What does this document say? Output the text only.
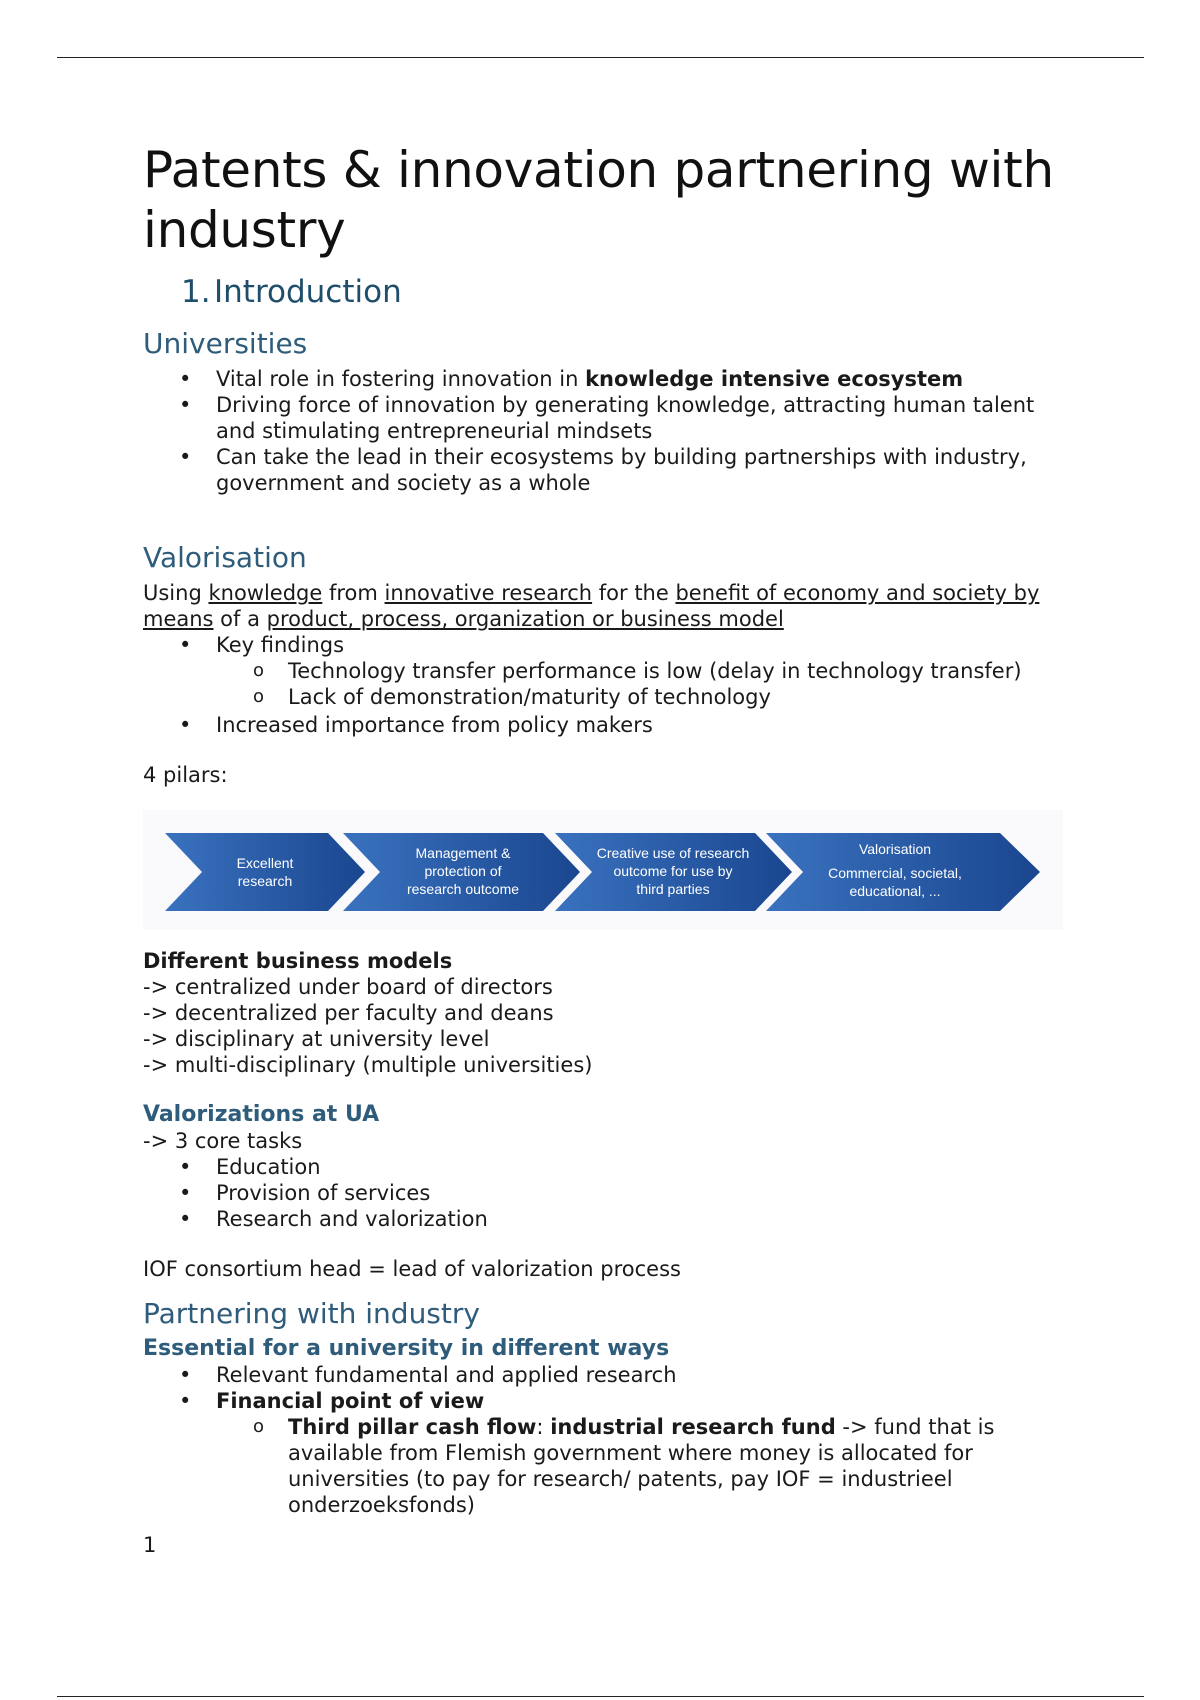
Patents & innovation partnering with industry
1. Introduction
Universities
• Vital role in fostering innovation in knowledge intensive ecosystem
• Driving force of innovation by generating knowledge, attracting human talent and stimulating entrepreneurial mindsets
• Can take the lead in their ecosystems by building partnerships with industry, government and society as a whole
Valorisation

Using knowledge from innovative research for the benefit of economy and society by means of a product, process, organization or business model

• Key findings
o Technology transfer performance is low (delay in technology transfer)
o Lack of demonstration/maturity of technology
• Increased importance from policy makers

4 pilars:

Excellent
research
Management &
protection of
research outcome
Creative use of research
outcome for use by
third parties
Valorisation
Commercial, societal,
educational, ...

Different business models

-> centralized under board of directors

-> decentralized per faculty and deans

-> disciplinary at university level

-> multi-disciplinary (multiple universities)

Valorizations at UA

-> 3 core tasks

• Education
• Provision of services
• Research and valorization

IOF consortium head = lead of valorization process

Partnering with industry
Essential for a university in different ways
• Relevant fundamental and applied research
• Financial point of view
o Third pillar cash flow: industrial research fund -> fund that is available from Flemish government where money is allocated for universities (to pay for research/ patents, pay IOF = industrieel onderzoeksfonds)

1
